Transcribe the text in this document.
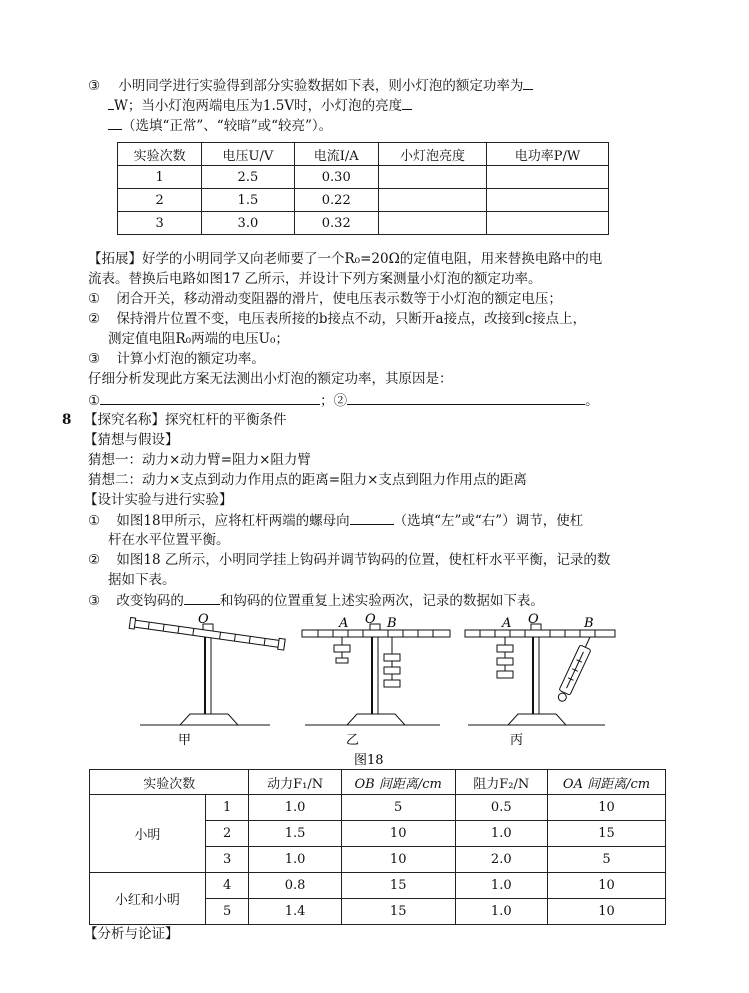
③ 小明同学进行实验得到部分实验数据如下表，则小灯泡的额定功率为
W；当小灯泡两端电压为1.5V时，小灯泡的亮度
（选填“正常”、“较暗”或“较亮”）。
实验次数	电压U/V	电流I/A	小灯泡亮度	电功率P/W
1	2.5	0.30		
2	1.5	0.22		
3	3.0	0.32		
【拓展】好学的小明同学又向老师要了一个R₀=20Ω的定值电阻，用来替换电路中的电
流表。替换后电路如图17 乙所示，并设计下列方案测量小灯泡的额定功率。
① 闭合开关，移动滑动变阻器的滑片，使电压表示数等于小灯泡的额定电压；
② 保持滑片位置不变，电压表所接的b接点不动，只断开a接点，改接到c接点上，
测定值电阻R₀两端的电压U₀；
③ 计算小灯泡的额定功率。
仔细分析发现此方案无法测出小灯泡的额定功率，其原因是：
①	；②	。
8 【探究名称】探究杠杆的平衡条件
【猜想与假设】
猜想一：动力×动力臂=阻力×阻力臂
猜想二：动力×支点到动力作用点的距离=阻力×支点到阻力作用点的距离
【设计实验与进行实验】
① 如图18甲所示，应将杠杆两端的螺母向	（选填“左”或“右”）调节，使杠
杆在水平位置平衡。
② 如图18 乙所示，小明同学挂上钩码并调节钩码的位置，使杠杆水平平衡，记录的数
据如下表。
③ 改变钩码的	和钩码的位置重复上述实验两次，记录的数据如下表。
O	A O B	A O	B
甲	乙	丙
图18
实验次数		动力F₁/N	OB 间距离/cm	阻力F₂/N	OA 间距离/cm
小明	1	1.0	5	0.5	10
	2	1.5	10	1.0	15
	3	1.0	10	2.0	5
小红和小明	4	0.8	15	1.0	10
	5	1.4	15	1.0	10
【分析与论证】
